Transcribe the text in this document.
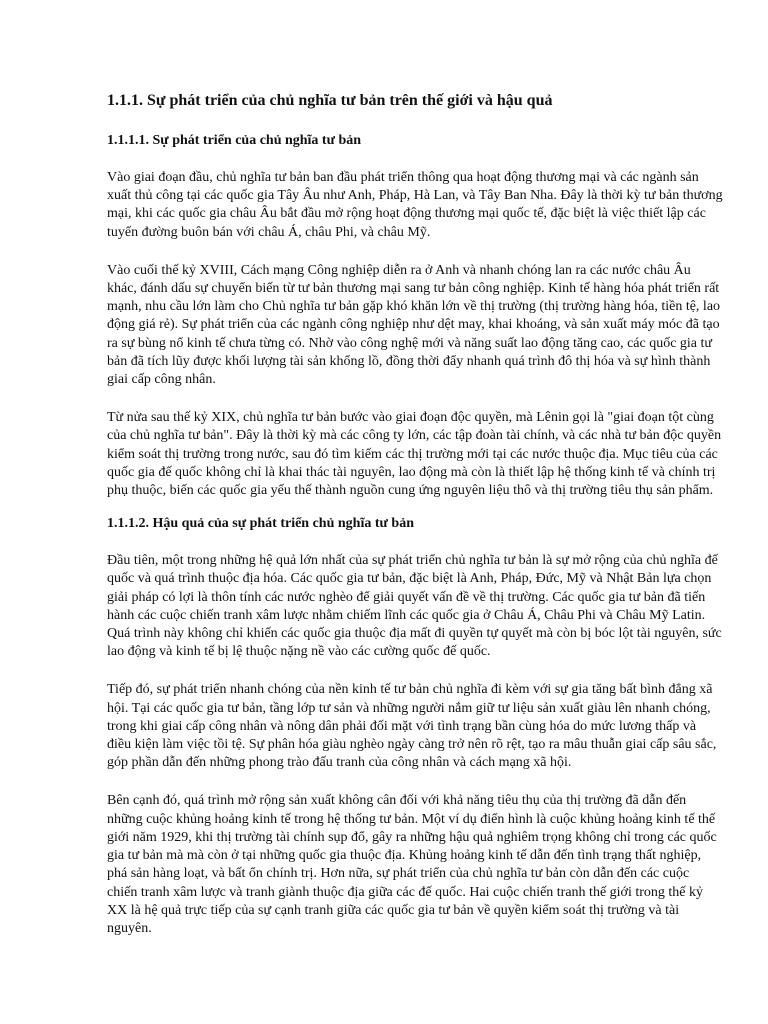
1.1.1. Sự phát triển của chủ nghĩa tư bản trên thế giới và hậu quả
1.1.1.1. Sự phát triển của chủ nghĩa tư bản

Vào giai đoạn đầu, chủ nghĩa tư bản ban đầu phát triển thông qua hoạt động thương mại và các ngành sản xuất thủ công tại các quốc gia Tây Âu như Anh, Pháp, Hà Lan, và Tây Ban Nha. Đây là thời kỳ tư bản thương mại, khi các quốc gia châu Âu bắt đầu mở rộng hoạt động thương mại quốc tế, đặc biệt là việc thiết lập các tuyến đường buôn bán với châu Á, châu Phi, và châu Mỹ.

Vào cuối thế kỷ XVIII, Cách mạng Công nghiệp diễn ra ở Anh và nhanh chóng lan ra các nước châu Âu khác, đánh dấu sự chuyển biến từ tư bản thương mại sang tư bản công nghiệp. Kinh tế hàng hóa phát triển rất mạnh, nhu cầu lớn làm cho Chủ nghĩa tư bản gặp khó khăn lớn về thị trường (thị trường hàng hóa, tiền tệ, lao động giá rẻ). Sự phát triển của các ngành công nghiệp như dệt may, khai khoáng, và sản xuất máy móc đã tạo ra sự bùng nổ kinh tế chưa từng có. Nhờ vào công nghệ mới và năng suất lao động tăng cao, các quốc gia tư bản đã tích lũy được khối lượng tài sản khổng lồ, đồng thời đẩy nhanh quá trình đô thị hóa và sự hình thành giai cấp công nhân.

Từ nửa sau thế kỷ XIX, chủ nghĩa tư bản bước vào giai đoạn độc quyền, mà Lênin gọi là "giai đoạn tột cùng của chủ nghĩa tư bản". Đây là thời kỳ mà các công ty lớn, các tập đoàn tài chính, và các nhà tư bản độc quyền kiểm soát thị trường trong nước, sau đó tìm kiếm các thị trường mới tại các nước thuộc địa. Mục tiêu của các quốc gia đế quốc không chỉ là khai thác tài nguyên, lao động mà còn là thiết lập hệ thống kinh tế và chính trị phụ thuộc, biến các quốc gia yếu thế thành nguồn cung ứng nguyên liệu thô và thị trường tiêu thụ sản phẩm.

1.1.1.2. Hậu quả của sự phát triển chủ nghĩa tư bản

Đầu tiên, một trong những hệ quả lớn nhất của sự phát triển chủ nghĩa tư bản là sự mở rộng của chủ nghĩa đế quốc và quá trình thuộc địa hóa. Các quốc gia tư bản, đặc biệt là Anh, Pháp, Đức, Mỹ và Nhật Bản lựa chọn giải pháp có lợi là thôn tính các nước nghèo để giải quyết vấn đề về thị trường. Các quốc gia tư bản đã tiến hành các cuộc chiến tranh xâm lược nhằm chiếm lĩnh các quốc gia ở Châu Á, Châu Phi và Châu Mỹ Latin. Quá trình này không chỉ khiến các quốc gia thuộc địa mất đi quyền tự quyết mà còn bị bóc lột tài nguyên, sức lao động và kinh tế bị lệ thuộc nặng nề vào các cường quốc đế quốc.

Tiếp đó, sự phát triển nhanh chóng của nền kinh tế tư bản chủ nghĩa đi kèm với sự gia tăng bất bình đẳng xã hội. Tại các quốc gia tư bản, tầng lớp tư sản và những người nắm giữ tư liệu sản xuất giàu lên nhanh chóng, trong khi giai cấp công nhân và nông dân phải đối mặt với tình trạng bần cùng hóa do mức lương thấp và điều kiện làm việc tồi tệ. Sự phân hóa giàu nghèo ngày càng trở nên rõ rệt, tạo ra mâu thuẫn giai cấp sâu sắc, góp phần dẫn đến những phong trào đấu tranh của công nhân và cách mạng xã hội.

Bên cạnh đó, quá trình mở rộng sản xuất không cân đối với khả năng tiêu thụ của thị trường đã dẫn đến những cuộc khủng hoảng kinh tế trong hệ thống tư bản. Một ví dụ điển hình là cuộc khủng hoảng kinh tế thế giới năm 1929, khi thị trường tài chính sụp đổ, gây ra những hậu quả nghiêm trọng không chỉ trong các quốc gia tư bản mà mà còn ở tại những quốc gia thuộc địa. Khủng hoảng kinh tế dẫn đến tình trạng thất nghiệp, phá sản hàng loạt, và bất ổn chính trị. Hơn nữa, sự phát triển của chủ nghĩa tư bản còn dẫn đến các cuộc chiến tranh xâm lược và tranh giành thuộc địa giữa các đế quốc. Hai cuộc chiến tranh thế giới trong thế kỷ XX là hệ quả trực tiếp của sự cạnh tranh giữa các quốc gia tư bản về quyền kiểm soát thị trường và tài nguyên.
